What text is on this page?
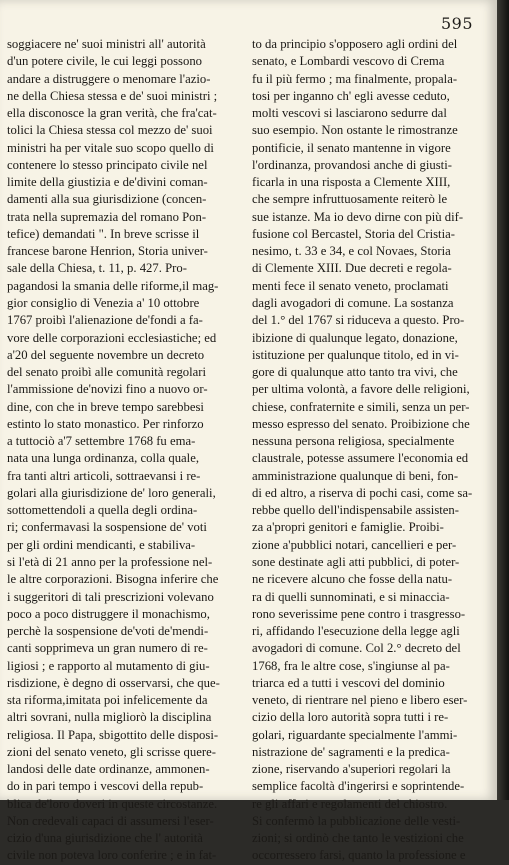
595

soggiacere ne' suoi ministri all' autorità
d'un potere civile, le cui leggi possono
andare a distruggere o menomare l'azio-
ne della Chiesa stessa e de' suoi ministri ;
ella disconosce la gran verità, che fra'cat-
tolici la Chiesa stessa col mezzo de' suoi
ministri ha per vitale suo scopo quello di
contenere lo stesso principato civile nel
limite della giustizia e de'divini coman-
damenti alla sua giurisdizione (concen-
trata nella supremazia del romano Pon-
tefice) demandati ". In breve scrisse il
francese barone Henrion, Storia univer-
sale della Chiesa, t. 11, p. 427. Pro-
pagandosi la smania delle riforme,il mag-
gior consiglio di Venezia a' 10 ottobre
1767 proibì l'alienazione de'fondi a fa-
vore delle corporazioni ecclesiastiche; ed
a'20 del seguente novembre un decreto
del senato proibì alle comunità regolari
l'ammissione de'novizi fino a nuovo or-
dine, con che in breve tempo sarebbesi
estinto lo stato monastico. Per rinforzo
a tuttociò a'7 settembre 1768 fu ema-
nata una lunga ordinanza, colla quale,
fra tanti altri articoli, sottraevansi i re-
golari alla giurisdizione de' loro generali,
sottomettendoli a quella degli ordina-
ri; confermavasi la sospensione de' voti
per gli ordini mendicanti, e stabiliva-
si l'età di 21 anno per la professione nel-
le altre corporazioni. Bisogna inferire che
i suggeritori di tali prescrizioni volevano
poco a poco distruggere il monachismo,
perchè la sospensione de'voti de'mendi-
canti sopprimeva un gran numero di re-
ligiosi ; e rapporto al mutamento di giu-
risdizione, è degno di osservarsi, che que-
sta riforma,imitata poi infelicemente da
altri sovrani, nulla migliorò la disciplina
religiosa. Il Papa, sbigottito delle disposi-
zioni del senato veneto, gli scrisse quere-
landosi delle date ordinanze, ammonen-
do in pari tempo i vescovi della repub-
blica de'loro doveri in queste circostanze.
Non credevali capaci di assumersi l'eser-
cizio d'una giurisdizione che l' autorità
civile non poteva loro conferire ; e in fat-

to da principio s'opposero agli ordini del
senato, e Lombardi vescovo di Crema
fu il più fermo ; ma finalmente, propala-
tosi per inganno ch' egli avesse ceduto,
molti vescovi si lasciarono sedurre dal
suo esempio. Non ostante le rimostranze
pontificie, il senato mantenne in vigore
l'ordinanza, provandosi anche di giusti-
ficarla in una risposta a Clemente XIII,
che sempre infruttuosamente reiterò le
sue istanze. Ma io devo dirne con più dif-
fusione col Bercastel, Storia del Cristia-
nesimo, t. 33 e 34, e col Novaes, Storia
di Clemente XIII. Due decreti e regola-
menti fece il senato veneto, proclamati
dagli avogadori di comune. La sostanza
del 1.° del 1767 si riduceva a questo. Pro-
ibizione di qualunque legato, donazione,
istituzione per qualunque titolo, ed in vi-
gore di qualunque atto tanto tra vivi, che
per ultima volontà, a favore delle religioni,
chiese, confraternite e simili, senza un per-
messo espresso del senato. Proibizione che
nessuna persona religiosa, specialmente
claustrale, potesse assumere l'economia ed
amministrazione qualunque di beni, fon-
di ed altro, a riserva di pochi casi, come sa-
rebbe quello dell'indispensabile assisten-
za a'propri genitori e famiglie. Proibi-
zione a'pubblici notari, cancellieri e per-
sone destinate agli atti pubblici, di poter-
ne ricevere alcuno che fosse della natu-
ra di quelli sunnominati, e si minaccia-
rono severissime pene contro i trasgresso-
ri, affidando l'esecuzione della legge agli
avogadori di comune. Col 2.° decreto del
1768, fra le altre cose, s'ingiunse al pa-
triarca ed a tutti i vescovi del dominio
veneto, di rientrare nel pieno e libero eser-
cizio della loro autorità sopra tutti i re-
golari, riguardante specialmente l'ammi-
nistrazione de' sagramenti e la predica-
zione, riservando a'superiori regolari la
semplice facoltà d'ingerirsi e soprintende-
re gli affari e regolamenti del chiostro.
Si confermò la pubblicazione delle vesti-
zioni; si ordinò che tanto le vestizioni che
occorressero farsi, quanto la professione e
